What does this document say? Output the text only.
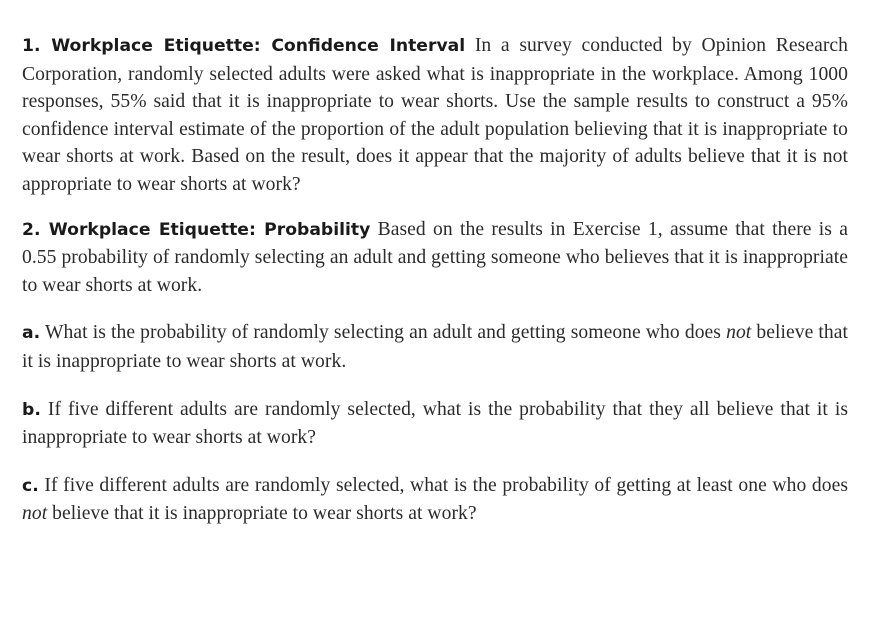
1. Workplace Etiquette: Confidence Interval In a survey conducted by Opinion Research Corporation, randomly selected adults were asked what is inappropriate in the workplace. Among 1000 responses, 55% said that it is inappropriate to wear shorts. Use the sample results to construct a 95% confidence interval estimate of the proportion of the adult population believing that it is inappropriate to wear shorts at work. Based on the result, does it appear that the majority of adults believe that it is not appropriate to wear shorts at work?

2. Workplace Etiquette: Probability Based on the results in Exercise 1, assume that there is a 0.55 probability of randomly selecting an adult and getting someone who believes that it is inappropriate to wear shorts at work.

a. What is the probability of randomly selecting an adult and getting someone who does not believe that it is inappropriate to wear shorts at work.

b. If five different adults are randomly selected, what is the probability that they all believe that it is inappropriate to wear shorts at work?

c. If five different adults are randomly selected, what is the probability of getting at least one who does not believe that it is inappropriate to wear shorts at work?
